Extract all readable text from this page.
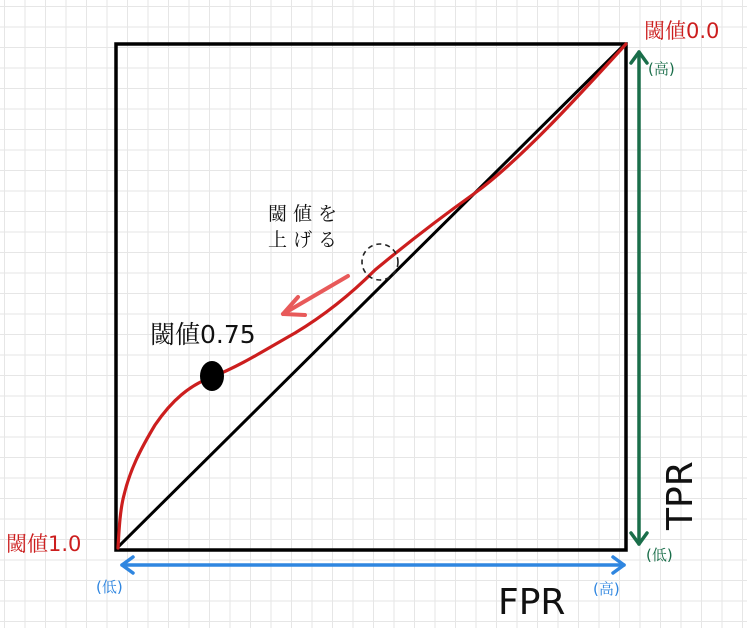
閾値0.0
閾値1.0
閾値0.75
閾値を
上げる
FPR
TPR
(低)	(高)
(高)
(低)
